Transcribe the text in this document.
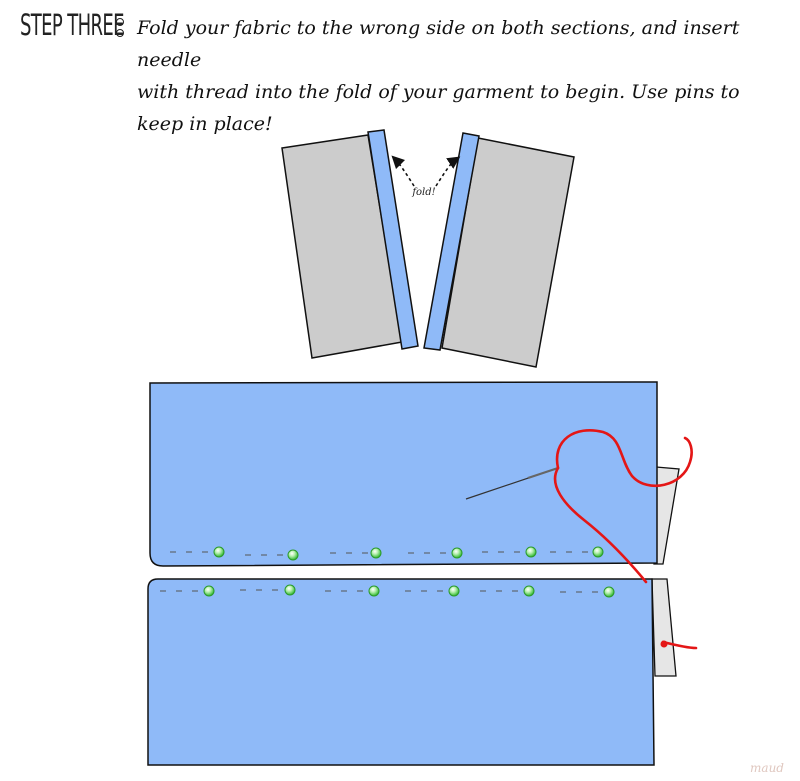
STEP THREE Fold your fabric to the wrong side on both sections, and insert needle

with thread into the fold of your garment to begin. Use pins to

keep in place!

fold!
maud
